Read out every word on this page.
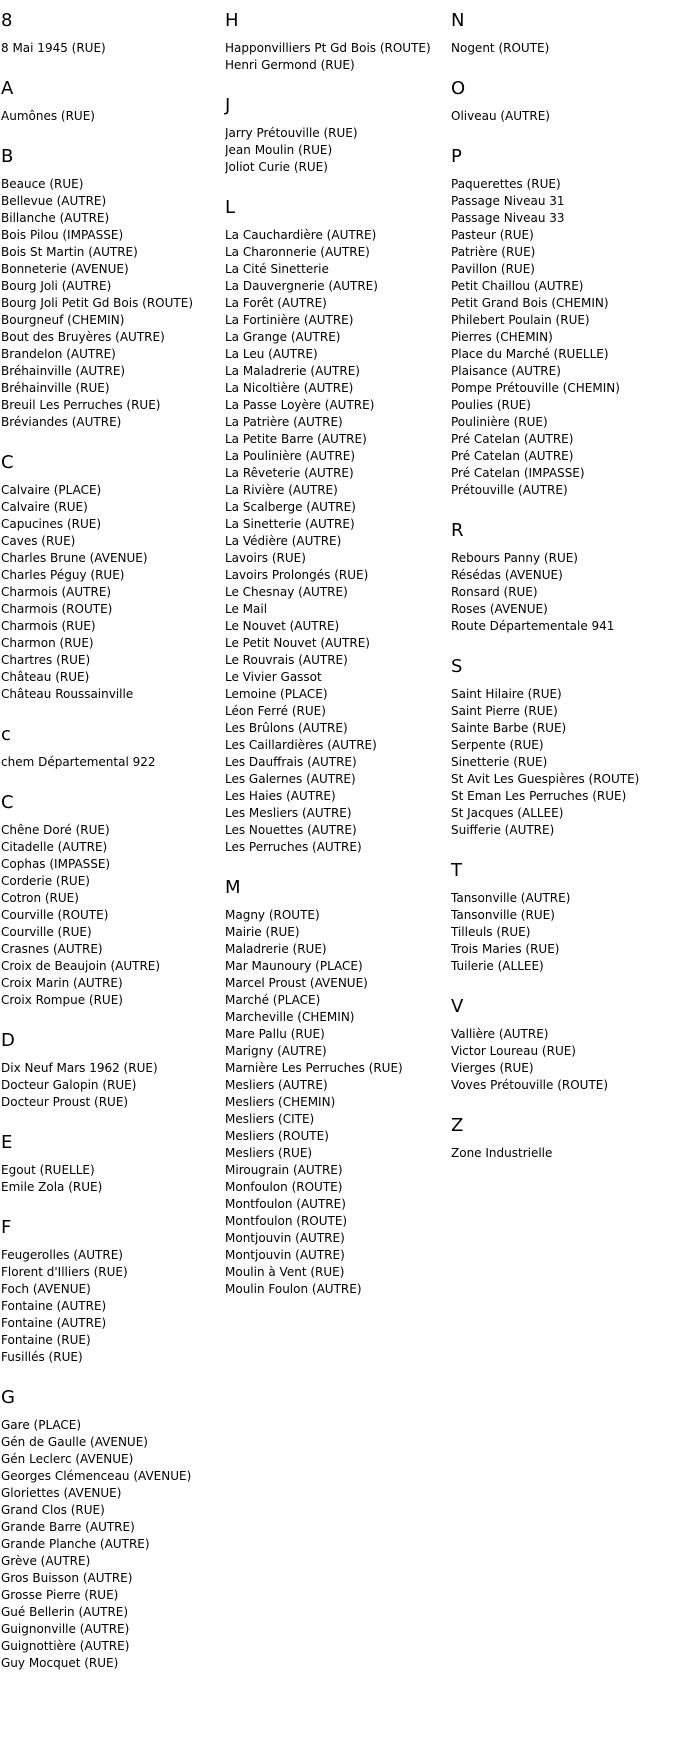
8
8 Mai 1945 (RUE)
A
Aumônes (RUE)
B
Beauce (RUE)
Bellevue (AUTRE)
Billanche (AUTRE)
Bois Pilou (IMPASSE)
Bois St Martin (AUTRE)
Bonneterie (AVENUE)
Bourg Joli (AUTRE)
Bourg Joli Petit Gd Bois (ROUTE)
Bourgneuf (CHEMIN)
Bout des Bruyères (AUTRE)
Brandelon (AUTRE)
Bréhainville (AUTRE)
Bréhainville (RUE)
Breuil Les Perruches (RUE)
Bréviandes (AUTRE)
C
Calvaire (PLACE)
Calvaire (RUE)
Capucines (RUE)
Caves (RUE)
Charles Brune (AVENUE)
Charles Péguy (RUE)
Charmois (AUTRE)
Charmois (ROUTE)
Charmois (RUE)
Charmon (RUE)
Chartres (RUE)
Château (RUE)
Château Roussainville
c
chem Départemental 922
C
Chêne Doré (RUE)
Citadelle (AUTRE)
Cophas (IMPASSE)
Corderie (RUE)
Cotron (RUE)
Courville (ROUTE)
Courville (RUE)
Crasnes (AUTRE)
Croix de Beaujoin (AUTRE)
Croix Marin (AUTRE)
Croix Rompue (RUE)
D
Dix Neuf Mars 1962 (RUE)
Docteur Galopin (RUE)
Docteur Proust (RUE)
E
Egout (RUELLE)
Emile Zola (RUE)
F
Feugerolles (AUTRE)
Florent d'Illiers (RUE)
Foch (AVENUE)
Fontaine (AUTRE)
Fontaine (AUTRE)
Fontaine (RUE)
Fusillés (RUE)
G
Gare (PLACE)
Gén de Gaulle (AVENUE)
Gén Leclerc (AVENUE)
Georges Clémenceau (AVENUE)
Gloriettes (AVENUE)
Grand Clos (RUE)
Grande Barre (AUTRE)
Grande Planche (AUTRE)
Grève (AUTRE)
Gros Buisson (AUTRE)
Grosse Pierre (RUE)
Gué Bellerin (AUTRE)
Guignonville (AUTRE)
Guignottière (AUTRE)
Guy Mocquet (RUE)
H
Happonvilliers Pt Gd Bois (ROUTE)
Henri Germond (RUE)
J
Jarry Prétouville (RUE)
Jean Moulin (RUE)
Joliot Curie (RUE)
L
La Cauchardière (AUTRE)
La Charonnerie (AUTRE)
La Cité Sinetterie
La Dauvergnerie (AUTRE)
La Forêt (AUTRE)
La Fortinière (AUTRE)
La Grange (AUTRE)
La Leu (AUTRE)
La Maladrerie (AUTRE)
La Nicoltière (AUTRE)
La Passe Loyère (AUTRE)
La Patrière (AUTRE)
La Petite Barre (AUTRE)
La Poulinière (AUTRE)
La Rêveterie (AUTRE)
La Rivière (AUTRE)
La Scalberge (AUTRE)
La Sinetterie (AUTRE)
La Védière (AUTRE)
Lavoirs (RUE)
Lavoirs Prolongés (RUE)
Le Chesnay (AUTRE)
Le Mail
Le Nouvet (AUTRE)
Le Petit Nouvet (AUTRE)
Le Rouvrais (AUTRE)
Le Vivier Gassot
Lemoine (PLACE)
Léon Ferré (RUE)
Les Brûlons (AUTRE)
Les Caillardières (AUTRE)
Les Dauffrais (AUTRE)
Les Galernes (AUTRE)
Les Haies (AUTRE)
Les Mesliers (AUTRE)
Les Nouettes (AUTRE)
Les Perruches (AUTRE)
M
Magny (ROUTE)
Mairie (RUE)
Maladrerie (RUE)
Mar Maunoury (PLACE)
Marcel Proust (AVENUE)
Marché (PLACE)
Marcheville (CHEMIN)
Mare Pallu (RUE)
Marigny (AUTRE)
Marnière Les Perruches (RUE)
Mesliers (AUTRE)
Mesliers (CHEMIN)
Mesliers (CITE)
Mesliers (ROUTE)
Mesliers (RUE)
Mirougrain (AUTRE)
Monfoulon (ROUTE)
Montfoulon (AUTRE)
Montfoulon (ROUTE)
Montjouvin (AUTRE)
Montjouvin (AUTRE)
Moulin à Vent (RUE)
Moulin Foulon (AUTRE)
N
Nogent (ROUTE)
O
Oliveau (AUTRE)
P
Paquerettes (RUE)
Passage Niveau 31
Passage Niveau 33
Pasteur (RUE)
Patrière (RUE)
Pavillon (RUE)
Petit Chaillou (AUTRE)
Petit Grand Bois (CHEMIN)
Philebert Poulain (RUE)
Pierres (CHEMIN)
Place du Marché (RUELLE)
Plaisance (AUTRE)
Pompe Prétouville (CHEMIN)
Poulies (RUE)
Poulinière (RUE)
Pré Catelan (AUTRE)
Pré Catelan (AUTRE)
Pré Catelan (IMPASSE)
Prétouville (AUTRE)
R
Rebours Panny (RUE)
Résédas (AVENUE)
Ronsard (RUE)
Roses (AVENUE)
Route Départementale 941
S
Saint Hilaire (RUE)
Saint Pierre (RUE)
Sainte Barbe (RUE)
Serpente (RUE)
Sinetterie (RUE)
St Avit Les Guespières (ROUTE)
St Eman Les Perruches (RUE)
St Jacques (ALLEE)
Suifferie (AUTRE)
T
Tansonville (AUTRE)
Tansonville (RUE)
Tilleuls (RUE)
Trois Maries (RUE)
Tuilerie (ALLEE)
V
Vallière (AUTRE)
Victor Loureau (RUE)
Vierges (RUE)
Voves Prétouville (ROUTE)
Z
Zone Industrielle
